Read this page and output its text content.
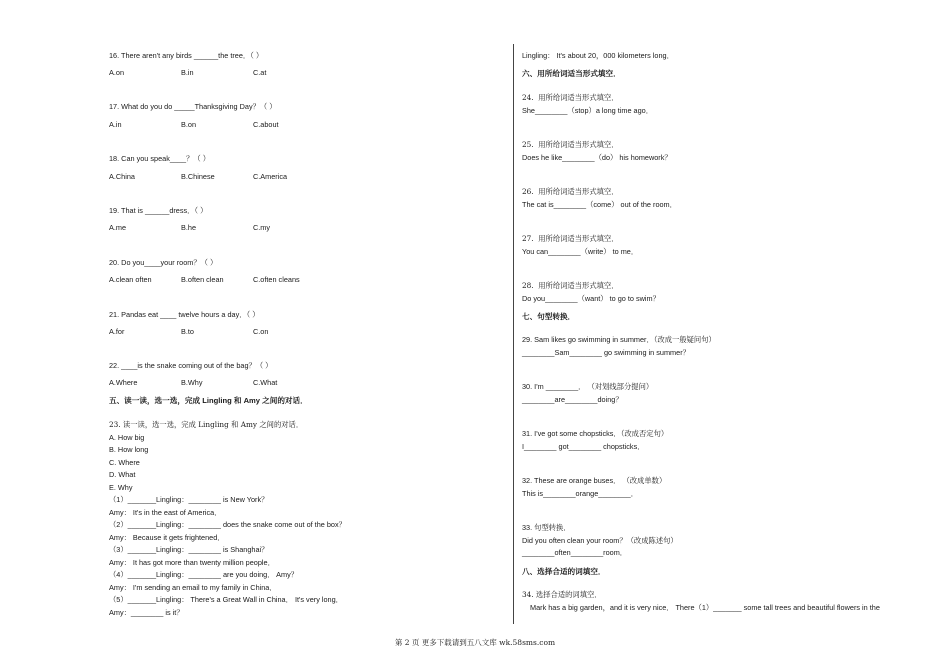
16. There aren't any birds ______the tree．（ ）
A.on	B.in	C.at
17. What do you do _____Thanksgiving Day？（ ）
A.in	B.on	C.about
18. Can you speak____？（ ）
A.China	B.Chinese	C.America
19. That is ______dress．（ ）
A.me	B.he	C.my
20. Do you____your room？（ ）
A.clean often	B.often clean	C.often cleans
21. Pandas eat ____ twelve hours a day．（ ）
A.for	B.to	C.on
22. ____is the snake coming out of the bag？（ ）
A.Where	B.Why	C.What
五、读一读，选一选，完成 Lingling 和 Amy 之间的对话．
23. 读一读，选一选，完成 Lingling 和 Amy 之间的对话．
A. How big
B. How long
C. Where
D. What
E. Why
（1）_______Lingling：________ is New York？
Amy： It's in the east of America．
（2）_______Lingling：________ does the snake come out of the box？
Amy： Because it gets frightened．
（3）_______Lingling：________ is Shanghai？
Amy： It has got more than twenty million people．
（4）_______Lingling：________ are you doing． Amy？
Amy： I'm sending an email to my family in China．
（5）_______Lingling： There's a Great Wall in China． It's very long．
Amy：________ is it？
Lingling： It's about 20，000 kilometers long．
六、用所给词适当形式填空．
24. 用所给词适当形式填空．
She________（stop）a long time ago．
25. 用所给词适当形式填空．
Does he like________（do） his homework？
26. 用所给词适当形式填空．
The cat is________（come） out of the room．
27. 用所给词适当形式填空．
You can________（write） to me．
28. 用所给词适当形式填空．
Do you________（want） to go to swim？
七、句型转换．
29. Sam likes go swimming in summer．（改成一般疑问句）
________Sam________ go swimming in summer？
30. I'm ________． （对划线部分提问）
________are________doing？
31. I've got some chopsticks．（改成否定句）
I________ got________ chopsticks．
32. These are orange buses． （改成单数）
This is________orange________．
33. 句型转换．
Did you often clean your room？（改成陈述句）
________often________room．
八、选择合适的词填空．
34. 选择合适的词填空．
Mark has a big garden，and it is very nice． There（1）_______ some tall trees and beautiful flowers in the
第 2 页 更多下载请到五八文库 wk.58sms.com
